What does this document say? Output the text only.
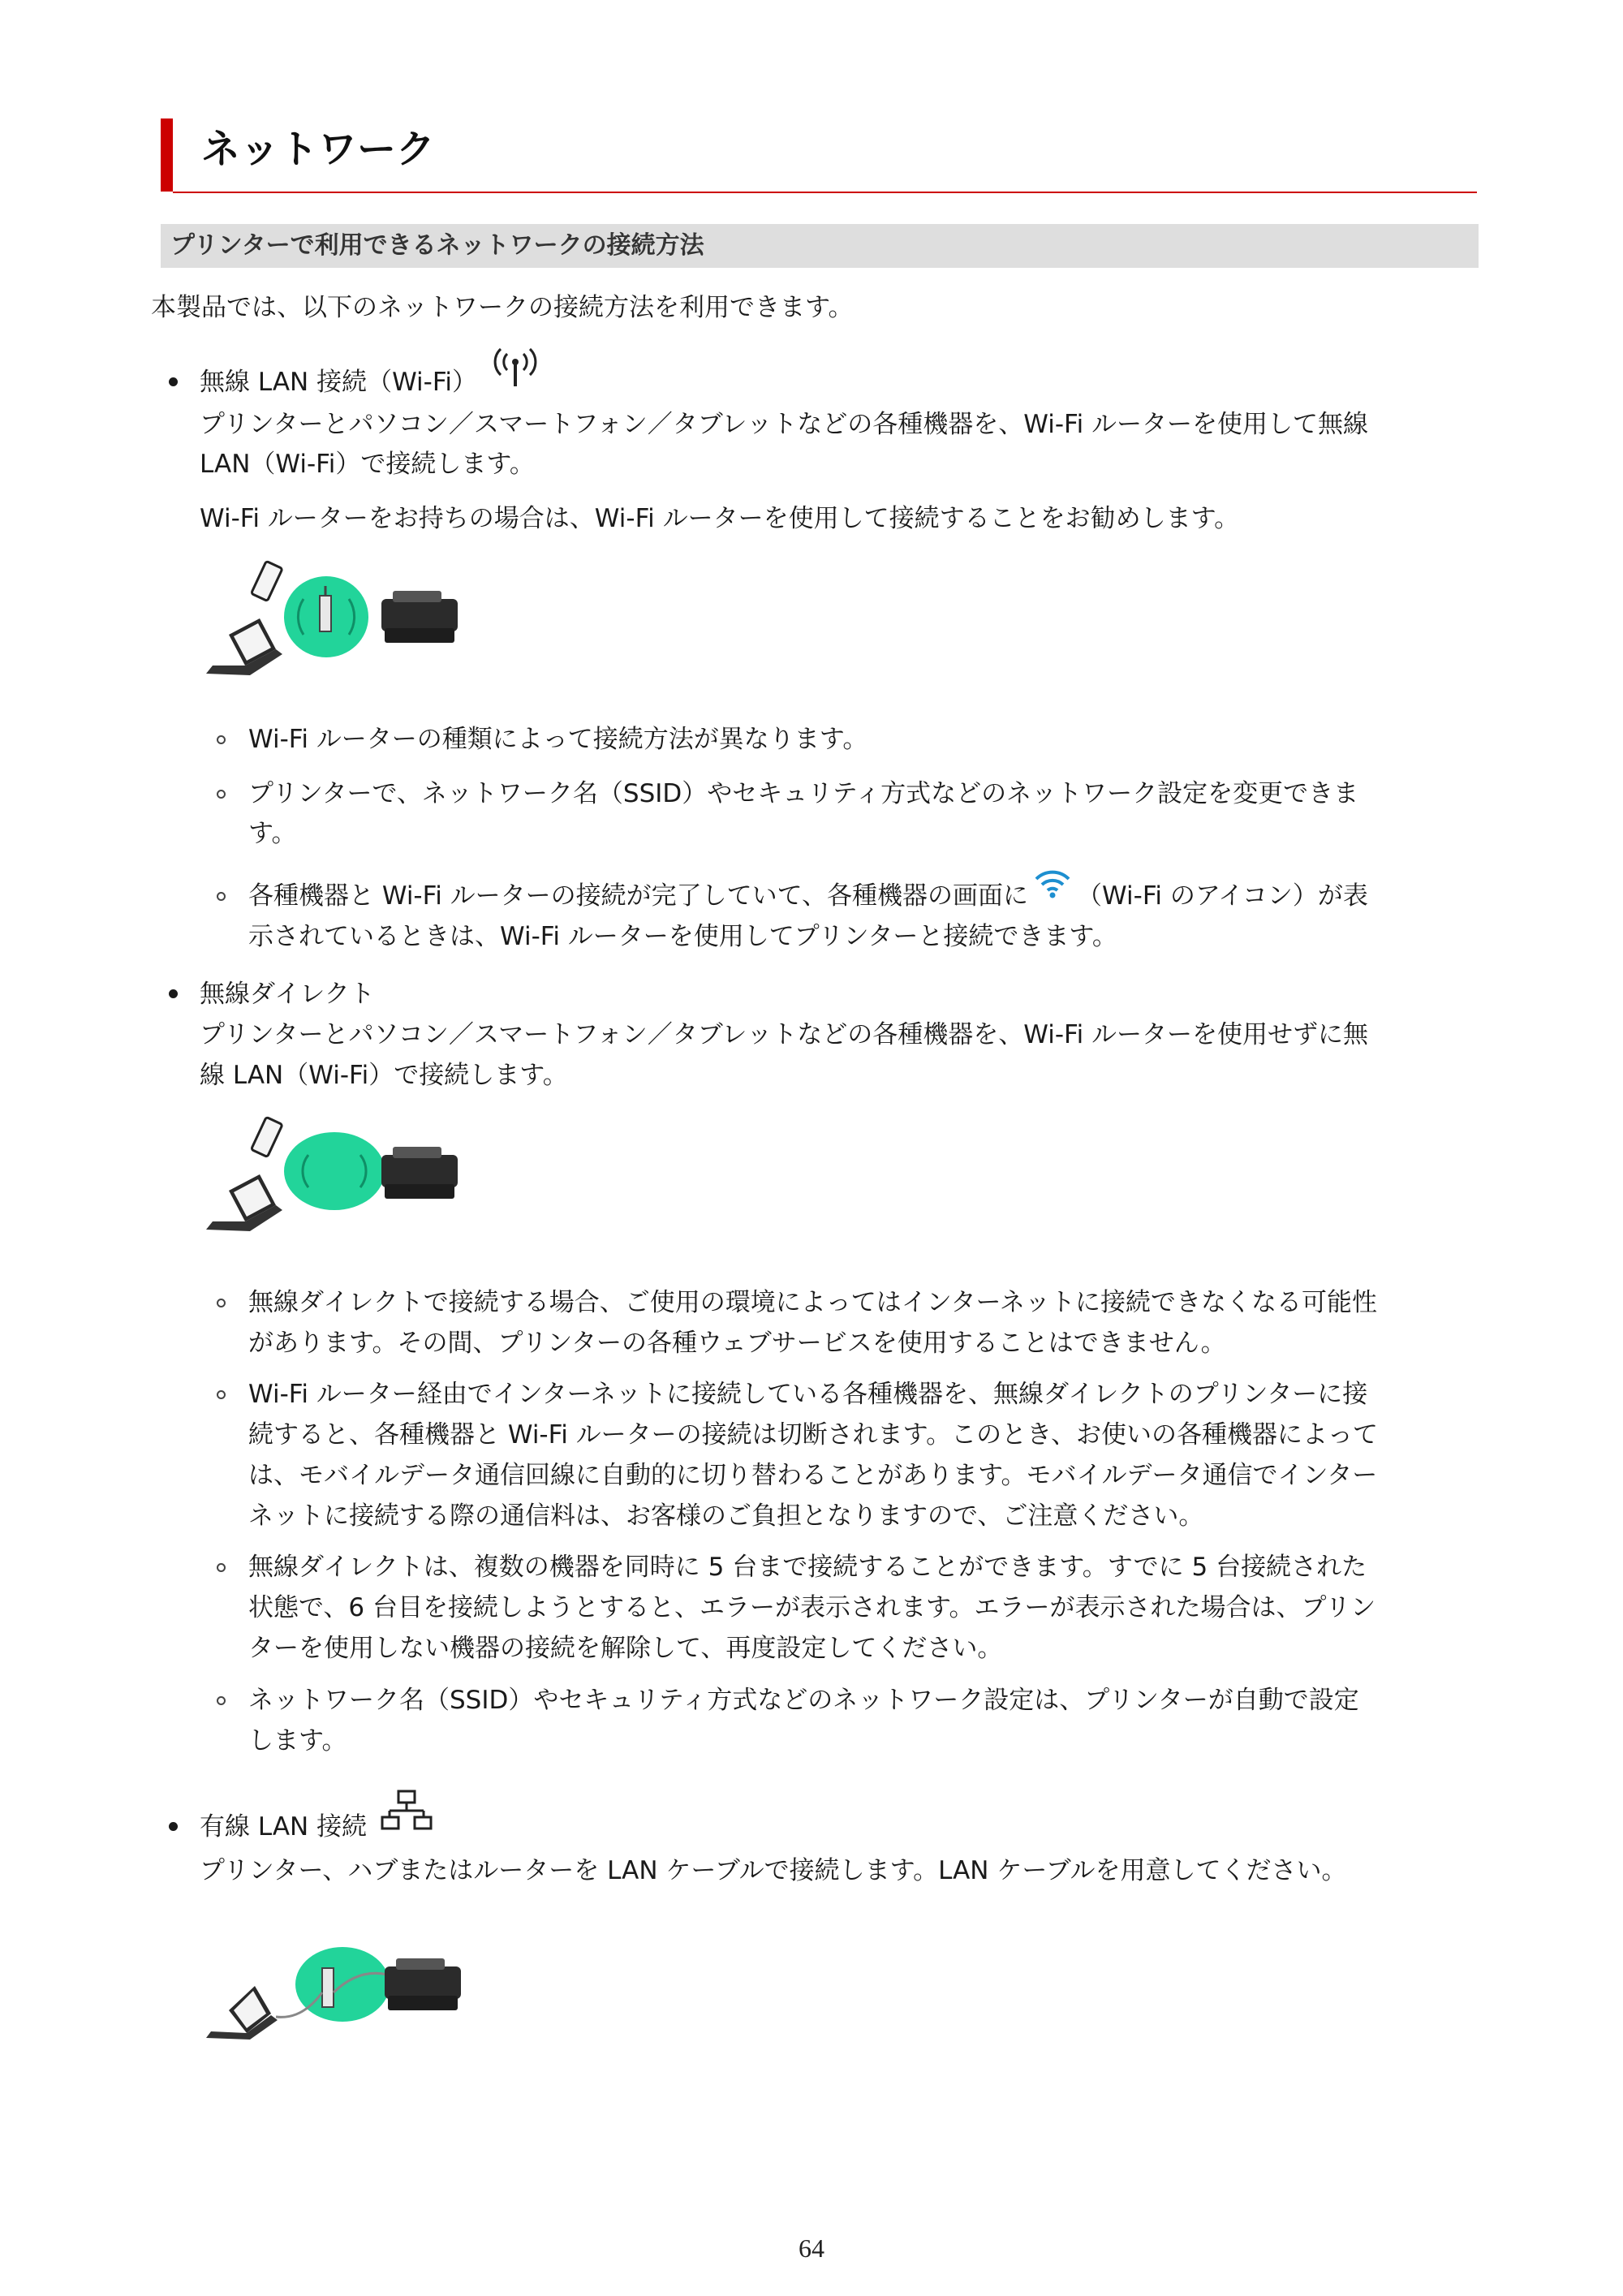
ネットワーク
プリンターで利用できるネットワークの接続方法

本製品では、以下のネットワークの接続方法を利用できます。

無線 LAN 接続（Wi-Fi）

プリンターとパソコン／スマートフォン／タブレットなどの各種機器を、Wi-Fi ルーターを使用して無線

LAN（Wi-Fi）で接続します。

Wi-Fi ルーターをお持ちの場合は、Wi-Fi ルーターを使用して接続することをお勧めします。

Wi-Fi ルーターの種類によって接続方法が異なります。

プリンターで、ネットワーク名（SSID）やセキュリティ方式などのネットワーク設定を変更できま

す。

各種機器と Wi-Fi ルーターの接続が完了していて、各種機器の画面に （Wi-Fi のアイコン）が表

示されているときは、Wi-Fi ルーターを使用してプリンターと接続できます。

無線ダイレクト

プリンターとパソコン／スマートフォン／タブレットなどの各種機器を、Wi-Fi ルーターを使用せずに無

線 LAN（Wi-Fi）で接続します。

無線ダイレクトで接続する場合、ご使用の環境によってはインターネットに接続できなくなる可能性

があります。その間、プリンターの各種ウェブサービスを使用することはできません。

Wi-Fi ルーター経由でインターネットに接続している各種機器を、無線ダイレクトのプリンターに接

続すると、各種機器と Wi-Fi ルーターの接続は切断されます。このとき、お使いの各種機器によって

は、モバイルデータ通信回線に自動的に切り替わることがあります。モバイルデータ通信でインター

ネットに接続する際の通信料は、お客様のご負担となりますので、ご注意ください。

無線ダイレクトは、複数の機器を同時に 5 台まで接続することができます。すでに 5 台接続された

状態で、6 台目を接続しようとすると、エラーが表示されます。エラーが表示された場合は、プリン

ターを使用しない機器の接続を解除して、再度設定してください。

ネットワーク名（SSID）やセキュリティ方式などのネットワーク設定は、プリンターが自動で設定

します。

有線 LAN 接続

プリンター、ハブまたはルーターを LAN ケーブルで接続します。LAN ケーブルを用意してください。

64
